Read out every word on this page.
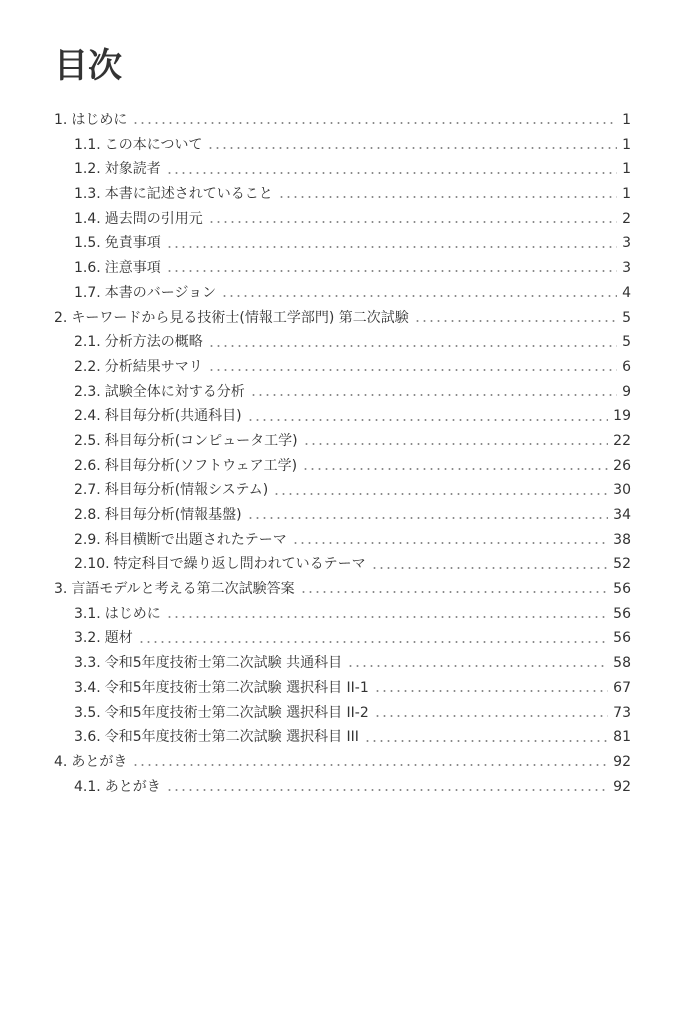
目次
1. はじめに	1
1.1. この本について	1
1.2. 対象読者	1
1.3. 本書に記述されていること	1
1.4. 過去問の引用元	2
1.5. 免責事項	3
1.6. 注意事項	3
1.7. 本書のバージョン	4
2. キーワードから見る技術士(情報工学部門) 第二次試験	5
2.1. 分析方法の概略	5
2.2. 分析結果サマリ	6
2.3. 試験全体に対する分析	9
2.4. 科目毎分析(共通科目)	19
2.5. 科目毎分析(コンピュータ工学)	22
2.6. 科目毎分析(ソフトウェア工学)	26
2.7. 科目毎分析(情報システム)	30
2.8. 科目毎分析(情報基盤)	34
2.9. 科目横断で出題されたテーマ	38
2.10. 特定科目で繰り返し問われているテーマ	52
3. 言語モデルと考える第二次試験答案	56
3.1. はじめに	56
3.2. 題材	56
3.3. 令和5年度技術士第二次試験 共通科目	58
3.4. 令和5年度技術士第二次試験 選択科目 II-1	67
3.5. 令和5年度技術士第二次試験 選択科目 II-2	73
3.6. 令和5年度技術士第二次試験 選択科目 III	81
4. あとがき	92
4.1. あとがき	92
